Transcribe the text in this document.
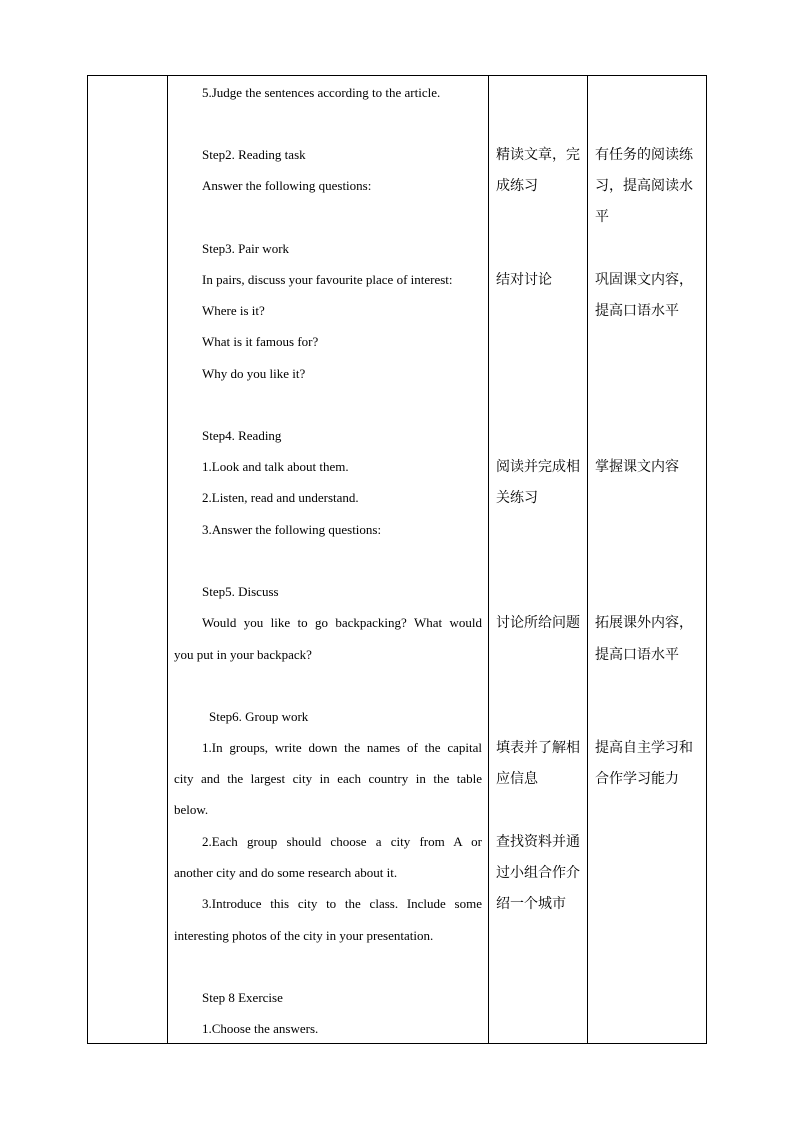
5.Judge the sentences according to the article.
Step2. Reading task
Answer the following questions:
Step3. Pair work
In pairs, discuss your favourite place of interest:
Where is it?
What is it famous for?
Why do you like it?
Step4. Reading
1.Look and talk about them.
2.Listen, read and understand.
3.Answer the following questions:
Step5. Discuss
Would you like to go backpacking? What would
you put in your backpack?
Step6. Group work
1.In groups, write down the names of the capital
city and the largest city in each country in the table
below.
2.Each group should choose a city from A or
another city and do some research about it.
3.Introduce this city to the class. Include some
interesting photos of the city in your presentation.
Step 8 Exercise
1.Choose the answers.
精读文章，完
成练习
结对讨论
阅读并完成相
关练习
讨论所给问题
填表并了解相
应信息
查找资料并通
过小组合作介
绍一个城市
有任务的阅读练
习，提高阅读水
平
巩固课文内容，
提高口语水平
掌握课文内容
拓展课外内容，
提高口语水平
提高自主学习和
合作学习能力
